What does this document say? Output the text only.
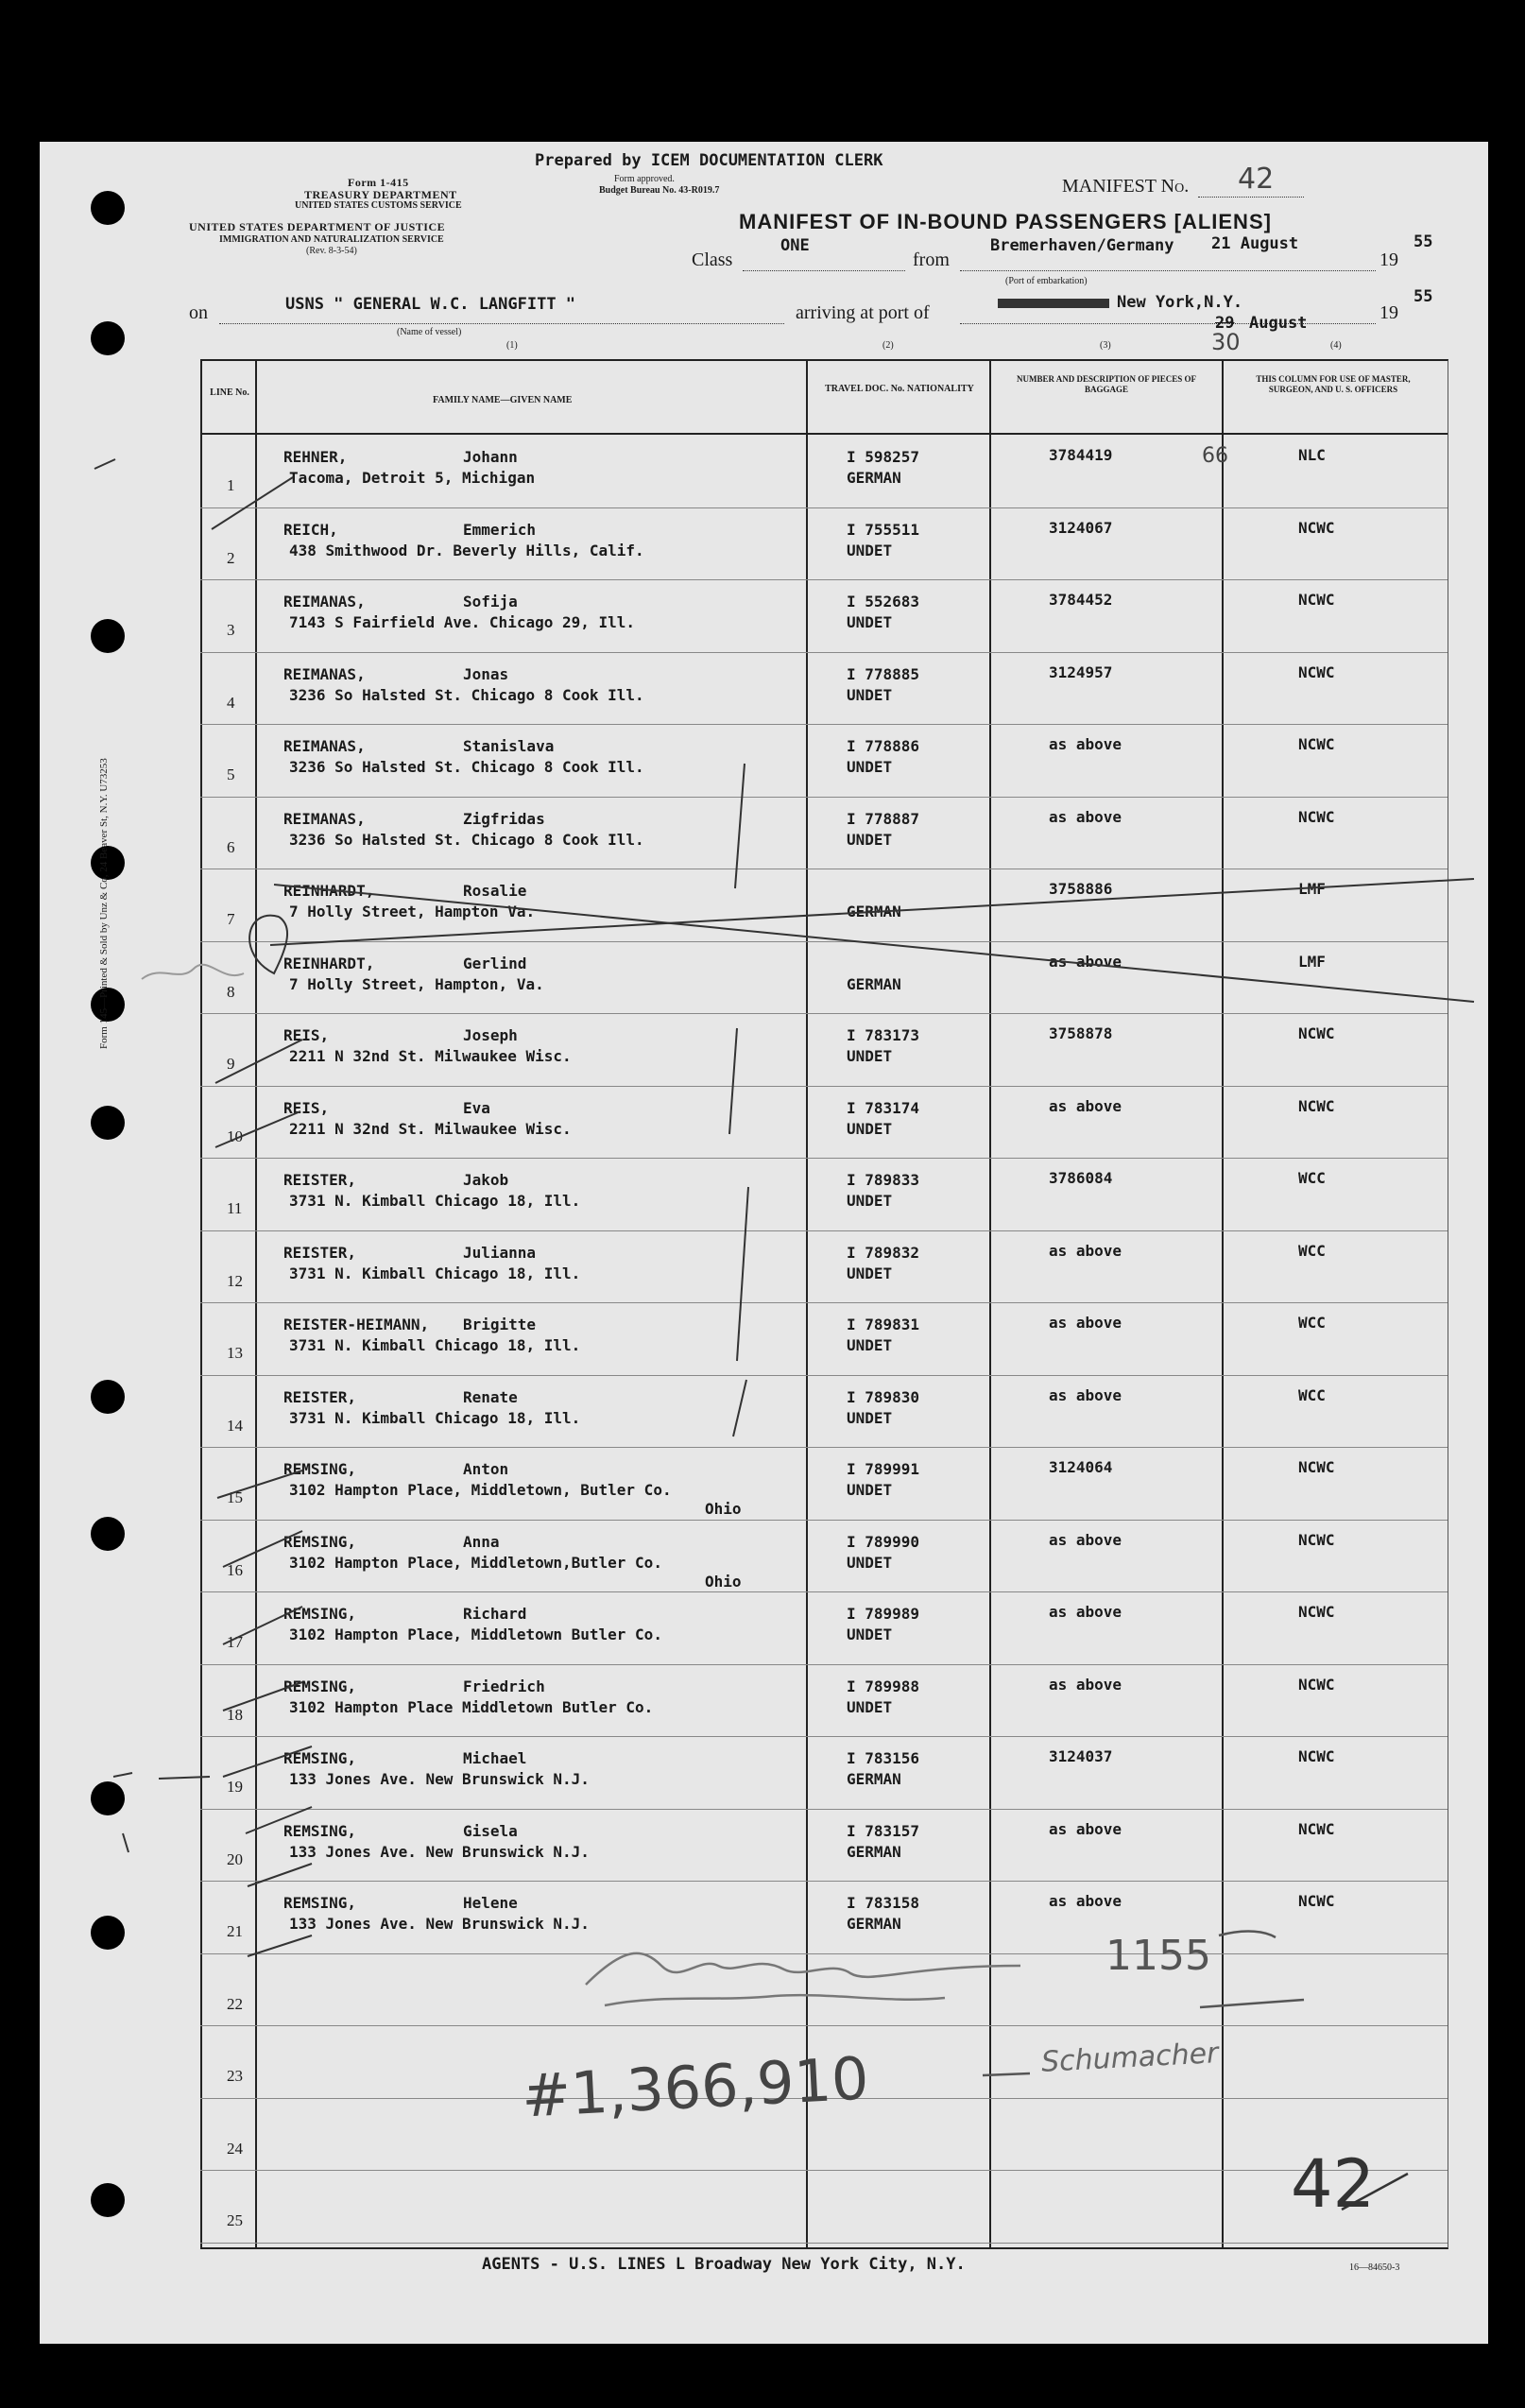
Form 145—Printed & Sold by Unz & Co, 24 Beaver St, N.Y. U73253
Prepared by ICEM DOCUMENTATION CLERK
Form 1-415
TREASURY DEPARTMENT
UNITED STATES CUSTOMS SERVICE
Form approved.
Budget Bureau No. 43-R019.7
UNITED STATES DEPARTMENT OF JUSTICE
IMMIGRATION AND NATURALIZATION SERVICE
(Rev. 8-3-54)
MANIFEST No. 42
MANIFEST OF IN-BOUND PASSENGERS [ALIENS]
Class
ONE
from
Bremerhaven/Germany 21 August
19
55
(Port of embarkation)
on	USNS " GENERAL W.C. LANGFITT "
(Name of vessel)
arriving at port of	New York,N.Y.
29 August
30
19
55
(1)	(2)	(3)	(4)
LINE No.
FAMILY NAME—GIVEN NAME
TRAVEL DOC. No. NATIONALITY
NUMBER AND DESCRIPTION OF PIECES OF BAGGAGE
THIS COLUMN FOR USE OF MASTER, SURGEON, AND U. S. OFFICERS
1
REHNER,	Johann
Tacoma, Detroit 5, Michigan
I 598257
GERMAN
3784419	66	NLC
2
REICH,	Emmerich
438 Smithwood Dr. Beverly Hills, Calif.
I 755511
UNDET
3124067	NCWC
3
REIMANAS,	Sofija
7143 S Fairfield Ave. Chicago 29, Ill.
I 552683
UNDET
3784452	NCWC
4
REIMANAS,	Jonas
3236 So Halsted St. Chicago 8 Cook Ill.
I 778885
UNDET
3124957	NCWC
5
REIMANAS,	Stanislava
3236 So Halsted St. Chicago 8 Cook Ill.
I 778886
UNDET
as above	NCWC
6
REIMANAS,	Zigfridas
3236 So Halsted St. Chicago 8 Cook Ill.
I 778887
UNDET
as above	NCWC
7
REINHARDT,	Rosalie
7 Holly Street, Hampton Va.	GERMAN
3758886	LMF
8
REINHARDT,	Gerlind
7 Holly Street, Hampton, Va.	GERMAN
as above	LMF
9
REIS,	Joseph
2211 N 32nd St. Milwaukee Wisc.
I 783173
UNDET
3758878	NCWC
10
REIS,	Eva
2211 N 32nd St. Milwaukee Wisc.
I 783174
UNDET
as above	NCWC
11
REISTER,	Jakob
3731 N. Kimball Chicago 18, Ill.
I 789833
UNDET
3786084	WCC
12
REISTER,	Julianna
3731 N. Kimball Chicago 18, Ill.
I 789832
UNDET
as above	WCC
13
REISTER-HEIMANN, Brigitte
3731 N. Kimball Chicago 18, Ill.
I 789831
UNDET
as above	WCC
14
REISTER,	Renate
3731 N. Kimball Chicago 18, Ill.
I 789830
UNDET
as above	WCC
15
REMSING,	Anton
3102 Hampton Place, Middletown, Butler Co.
Ohio
I 789991
UNDET
3124064	NCWC
16
REMSING,	Anna
3102 Hampton Place, Middletown,Butler Co.
Ohio
I 789990
UNDET
as above	NCWC
17
REMSING,	Richard
3102 Hampton Place, Middletown Butler Co.
I 789989
UNDET
as above	NCWC
18
REMSING,	Friedrich
3102 Hampton Place Middletown Butler Co.
I 789988
UNDET
as above	NCWC
19
REMSING,	Michael
133 Jones Ave. New Brunswick N.J.
I 783156
GERMAN
3124037	NCWC
20
REMSING,	Gisela
133 Jones Ave. New Brunswick N.J.
I 783157
GERMAN
as above	NCWC
21
REMSING,	Helene
133 Jones Ave. New Brunswick N.J.
I 783158
GERMAN
as above	NCWC
22
23
24
25
AGENTS - U.S. LINES L Broadway New York City, N.Y.	16—84650-3
1155
#1,366,910	Schumacher
42
